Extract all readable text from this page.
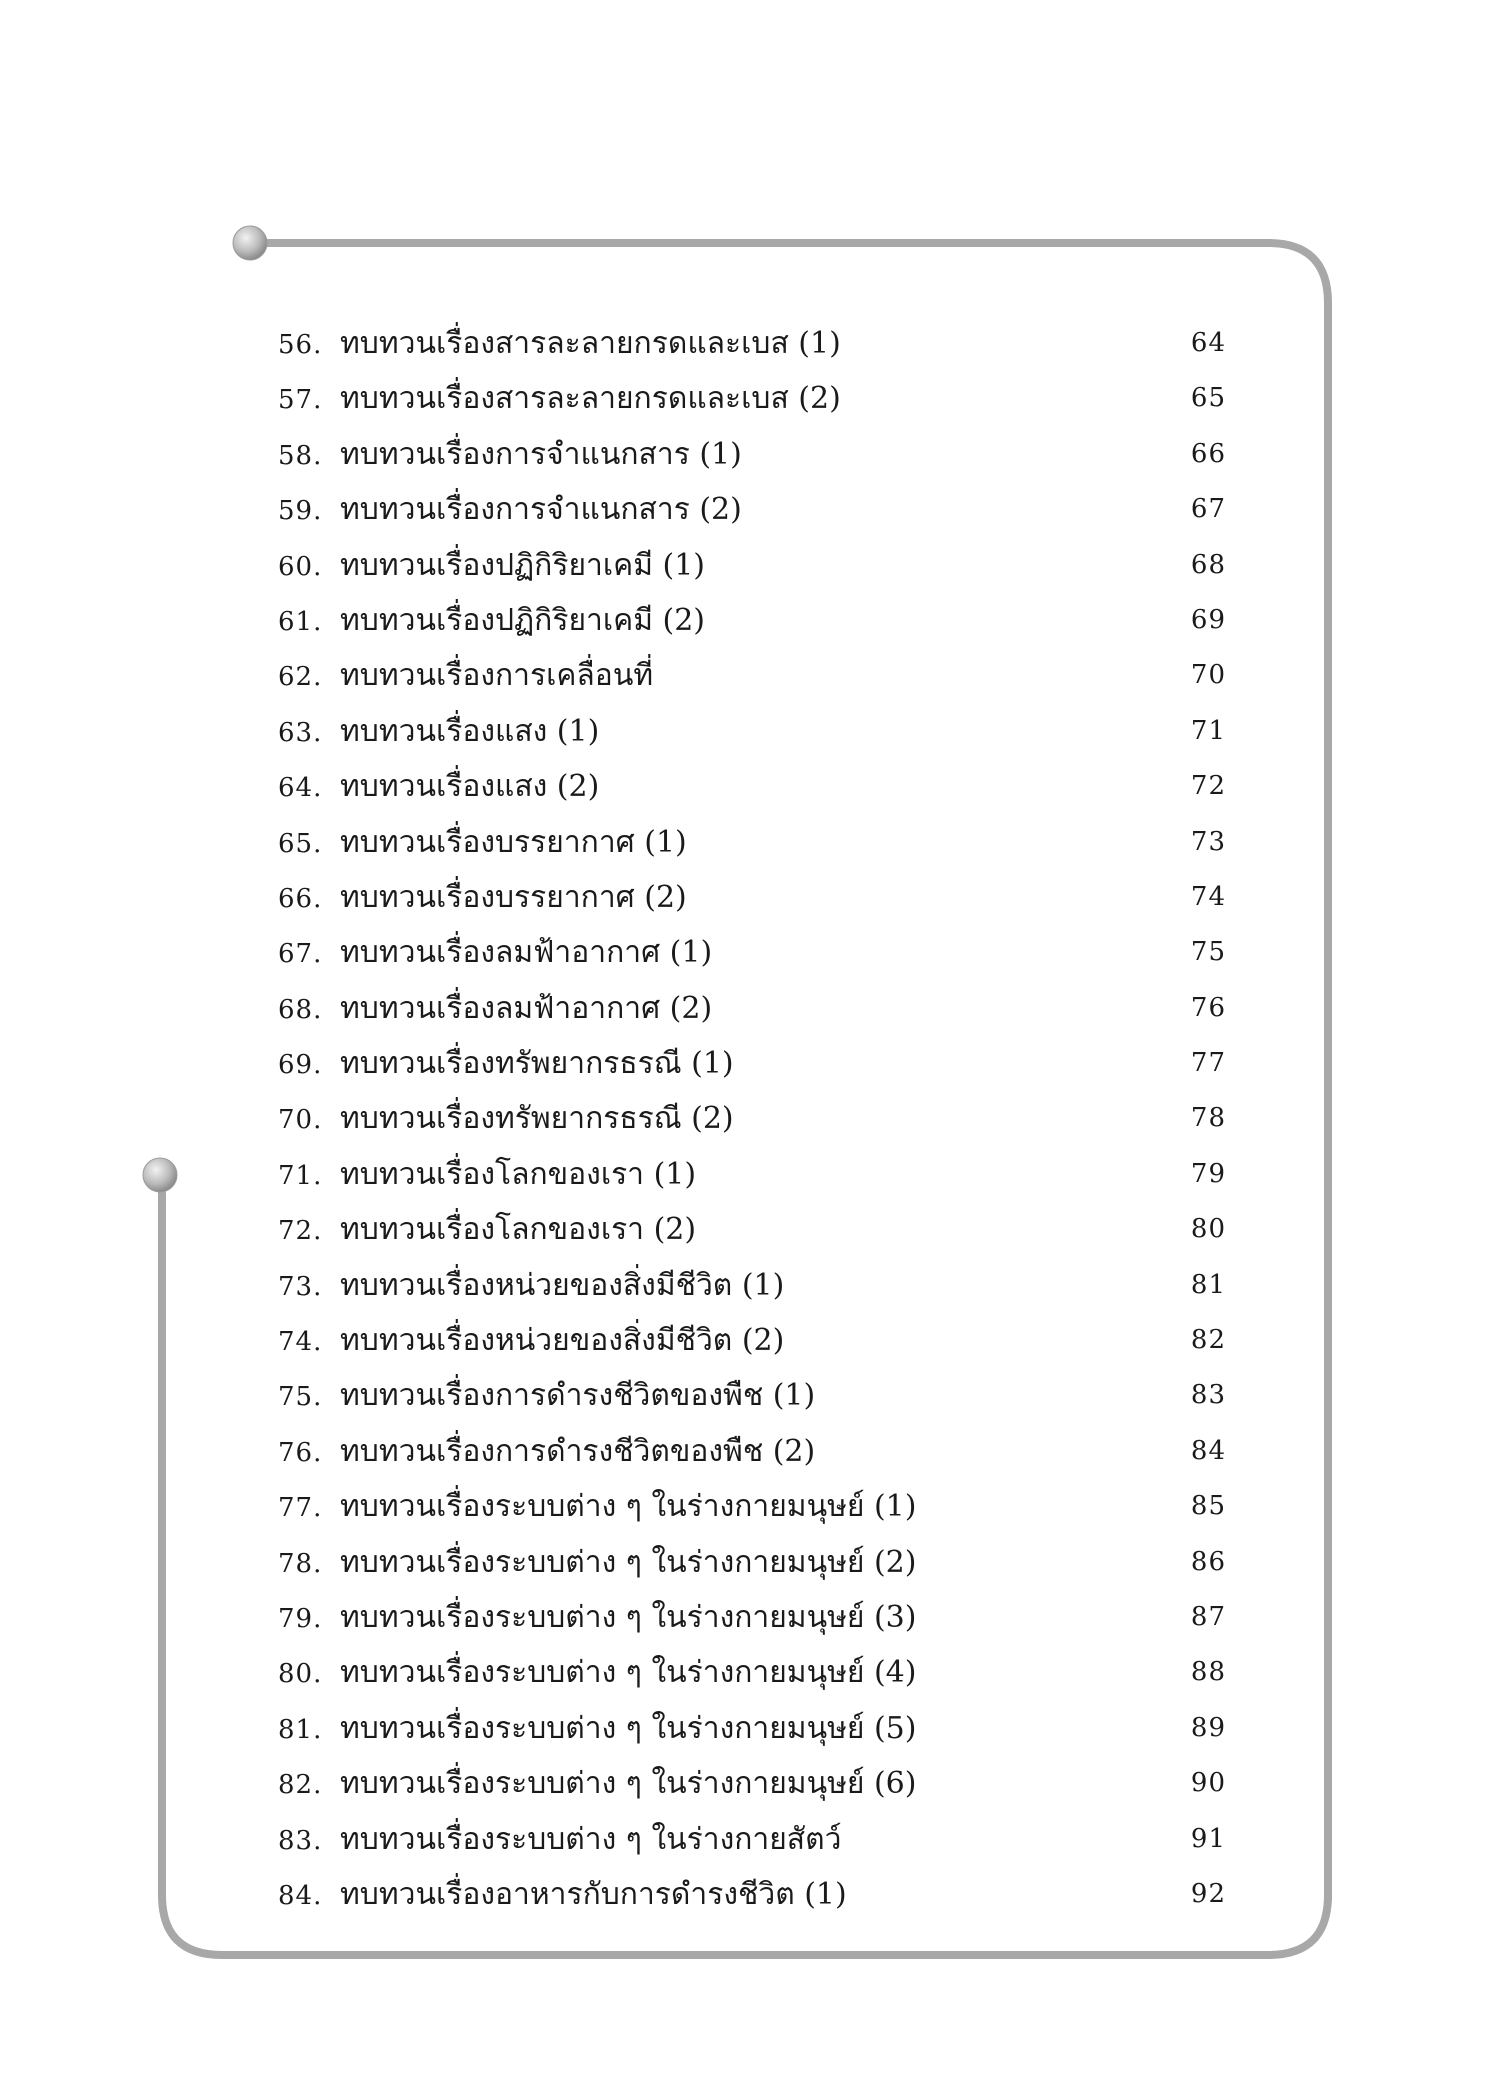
56. ทบทวนเรื่องสารละลายกรดและเบส (1)	64
57. ทบทวนเรื่องสารละลายกรดและเบส (2)	65
58. ทบทวนเรื่องการจำแนกสาร (1)	66
59. ทบทวนเรื่องการจำแนกสาร (2)	67
60. ทบทวนเรื่องปฏิกิริยาเคมี (1)	68
61. ทบทวนเรื่องปฏิกิริยาเคมี (2)	69
62. ทบทวนเรื่องการเคลื่อนที่	70
63. ทบทวนเรื่องแสง (1)	71
64. ทบทวนเรื่องแสง (2)	72
65. ทบทวนเรื่องบรรยากาศ (1)	73
66. ทบทวนเรื่องบรรยากาศ (2)	74
67. ทบทวนเรื่องลมฟ้าอากาศ (1)	75
68. ทบทวนเรื่องลมฟ้าอากาศ (2)	76
69. ทบทวนเรื่องทรัพยากรธรณี (1)	77
70. ทบทวนเรื่องทรัพยากรธรณี (2)	78
71. ทบทวนเรื่องโลกของเรา (1)	79
72. ทบทวนเรื่องโลกของเรา (2)	80
73. ทบทวนเรื่องหน่วยของสิ่งมีชีวิต (1)	81
74. ทบทวนเรื่องหน่วยของสิ่งมีชีวิต (2)	82
75. ทบทวนเรื่องการดำรงชีวิตของพืช (1)	83
76. ทบทวนเรื่องการดำรงชีวิตของพืช (2)	84
77. ทบทวนเรื่องระบบต่าง ๆ ในร่างกายมนุษย์ (1)	85
78. ทบทวนเรื่องระบบต่าง ๆ ในร่างกายมนุษย์ (2)	86
79. ทบทวนเรื่องระบบต่าง ๆ ในร่างกายมนุษย์ (3)	87
80. ทบทวนเรื่องระบบต่าง ๆ ในร่างกายมนุษย์ (4)	88
81. ทบทวนเรื่องระบบต่าง ๆ ในร่างกายมนุษย์ (5)	89
82. ทบทวนเรื่องระบบต่าง ๆ ในร่างกายมนุษย์ (6)	90
83. ทบทวนเรื่องระบบต่าง ๆ ในร่างกายสัตว์	91
84. ทบทวนเรื่องอาหารกับการดำรงชีวิต (1)	92
